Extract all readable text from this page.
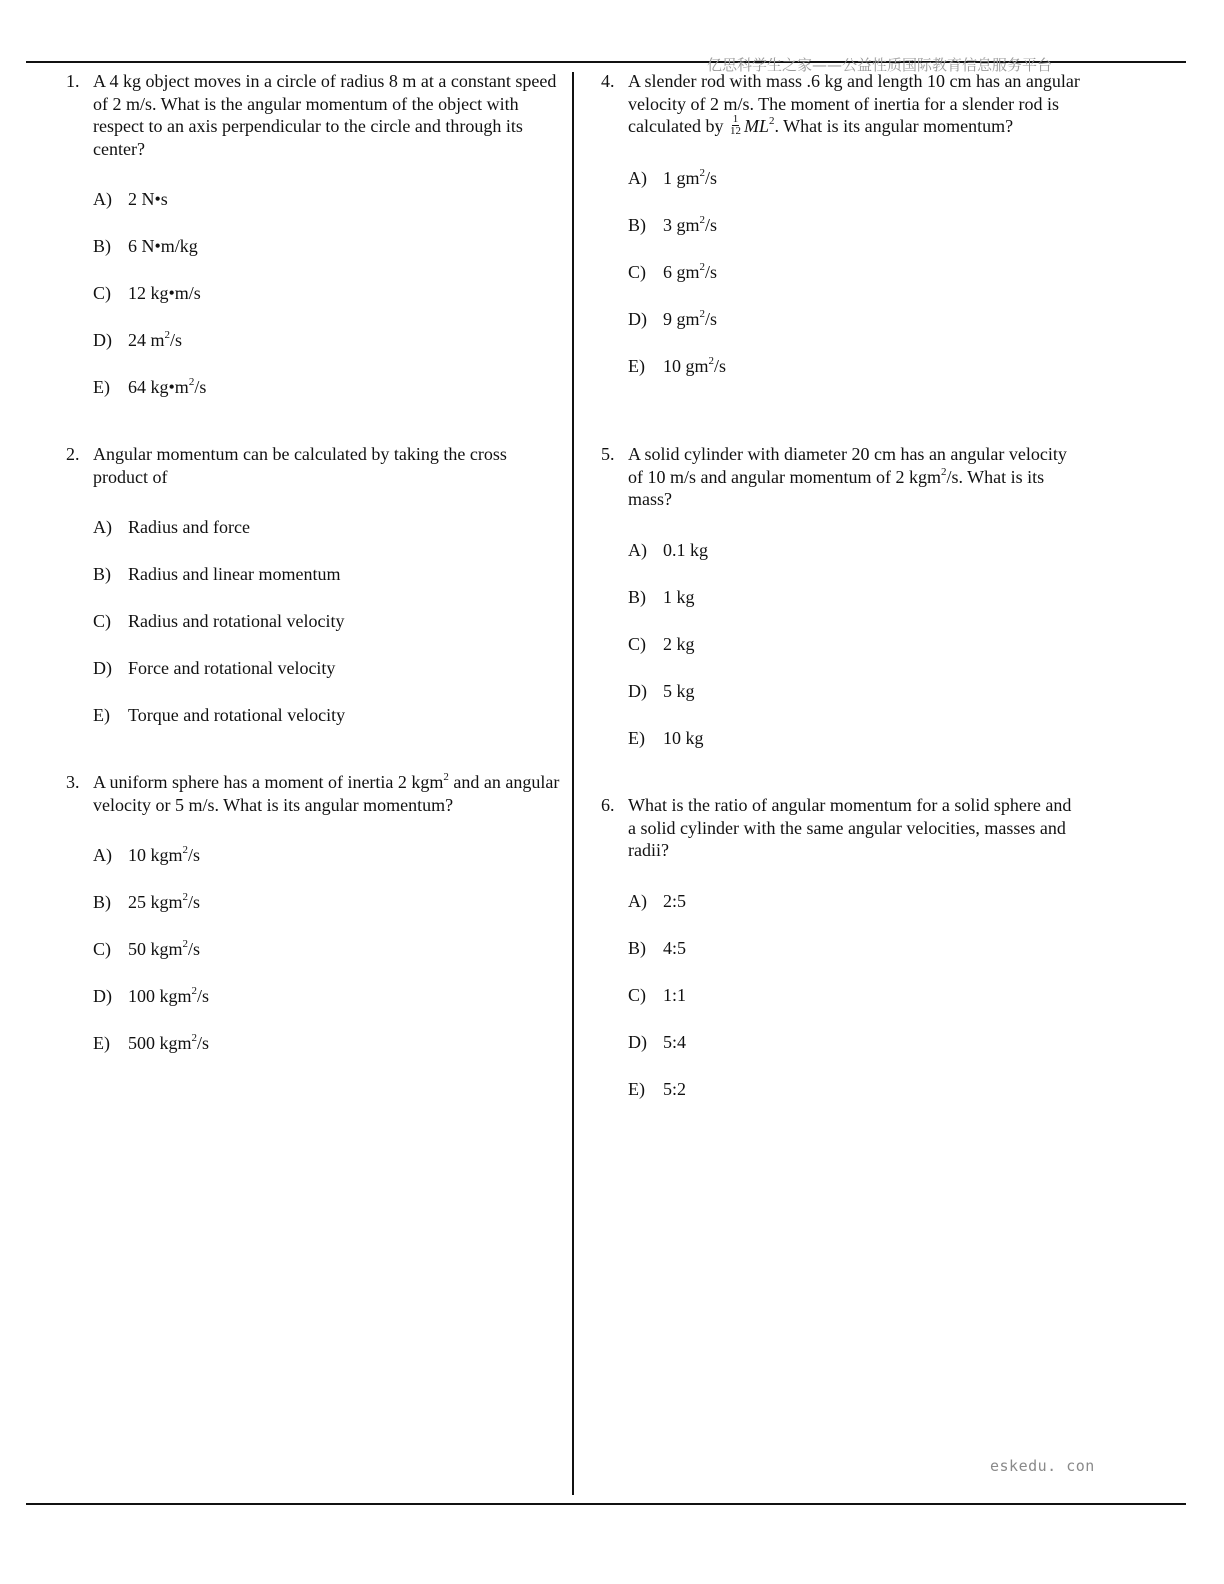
亿思科学生之家——公益性质国际教育信息服务平台
eskedu. con
1. A 4 kg object moves in a circle of radius 8 m at a constant speed of 2 m/s. What is the angular momentum of the object with respect to an axis perpendicular to the circle and through its center?
A) 2 N•s
B) 6 N•m/kg
C) 12 kg•m/s
D) 24 $m^2/s$
E)	64 $kg•m^2/s$
2. Angular momentum can be calculated by taking the cross product of
A) Radius and force
B) Radius and linear momentum
C) Radius and rotational velocity
D) Force and rotational velocity
E)	Torque and rotational velocity
3. A uniform sphere has a moment of inertia 2 kgm$^2$ and an angular velocity or 5 m/s. What is its angular momentum?
A) 10 kgm$^2$/s
B) 25 kgm$^2$/s
C) 50 kgm$^2$/s
D) 100 kgm$^2$/s
E)	500 kgm$^2$/s
4. A slender rod with mass .6 kg and length 10 cm has an angular velocity of 2 m/s. The moment of inertia for a slender rod is calculated by $\frac{1}{12} ML^2$. What is its angular momentum?
A) 1 $gm^2/s$
B) 3 $gm^2/s$
C) 6 $gm^2/s$
D) 9 $gm^2/s$
E)	10 $gm^2/s$
5. A solid cylinder with diameter 20 cm has an angular velocity of 10 m/s and angular momentum of 2 kgm$^2$/s. What is its mass?
A) 0.1 kg
B) 1 kg
C) 2 kg
D) 5 kg
E)	10 kg
6. What is the ratio of angular momentum for a solid sphere and a solid cylinder with the same angular velocities, masses and radii?
A) 2:5
B) 4:5
C) 1:1
D) 5:4
E)	5:2
